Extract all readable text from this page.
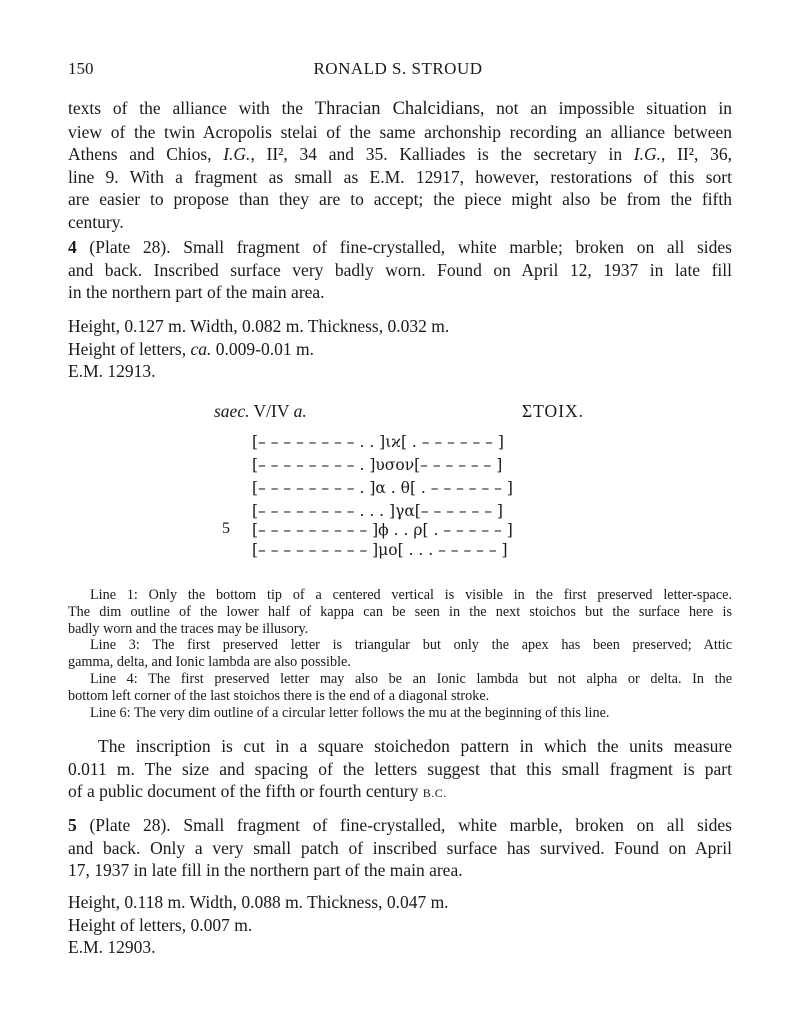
150	RONALD S. STROUD

texts of the alliance with the Thracian Chalcidians, not an impossible situation in

view of the twin Acropolis stelai of the same archonship recording an alliance between

Athens and Chios, I.G., II², 34 and 35. Kalliades is the secretary in I.G., II², 36,

line 9. With a fragment as small as E.M. 12917, however, restorations of this sort

are easier to propose than they are to accept; the piece might also be from the fifth

century.

4 (Plate 28). Small fragment of fine-crystalled, white marble; broken on all sides

and back. Inscribed surface very badly worn. Found on April 12, 1937 in late fill

in the northern part of the main area.

Height, 0.127 m. Width, 0.082 m. Thickness, 0.032 m.

Height of letters, ca. 0.009-0.01 m.

E.M. 12913.

saec. V/IV a.	ΣΤΟΙΧ.
[– – – – – – – – . . ]ιϰ[ . – – – – – – ]
[– – – – – – – – . ]υσον[– – – – – – ]
[– – – – – – – – . ]α . θ[ . – – – – – – ]
[– – – – – – – – . . . ]γα[– – – – – – ]
5 [– – – – – – – – – ]ϕ . . ρ[ . – – – – – ]
[– – – – – – – – – ]μο[ . . . – – – – – ]
Line 1: Only the bottom tip of a centered vertical is visible in the first preserved letter-space.
The dim outline of the lower half of kappa can be seen in the next stoichos but the surface here is
badly worn and the traces may be illusory.
Line 3: The first preserved letter is triangular but only the apex has been preserved; Attic
gamma, delta, and Ionic lambda are also possible.
Line 4: The first preserved letter may also be an Ionic lambda but not alpha or delta. In the
bottom left corner of the last stoichos there is the end of a diagonal stroke.
Line 6: The very dim outline of a circular letter follows the mu at the beginning of this line.

The inscription is cut in a square stoichedon pattern in which the units measure

0.011 m. The size and spacing of the letters suggest that this small fragment is part

of a public document of the fifth or fourth century B.C.

5 (Plate 28). Small fragment of fine-crystalled, white marble, broken on all sides

and back. Only a very small patch of inscribed surface has survived. Found on April

17, 1937 in late fill in the northern part of the main area.

Height, 0.118 m. Width, 0.088 m. Thickness, 0.047 m.

Height of letters, 0.007 m.

E.M. 12903.
